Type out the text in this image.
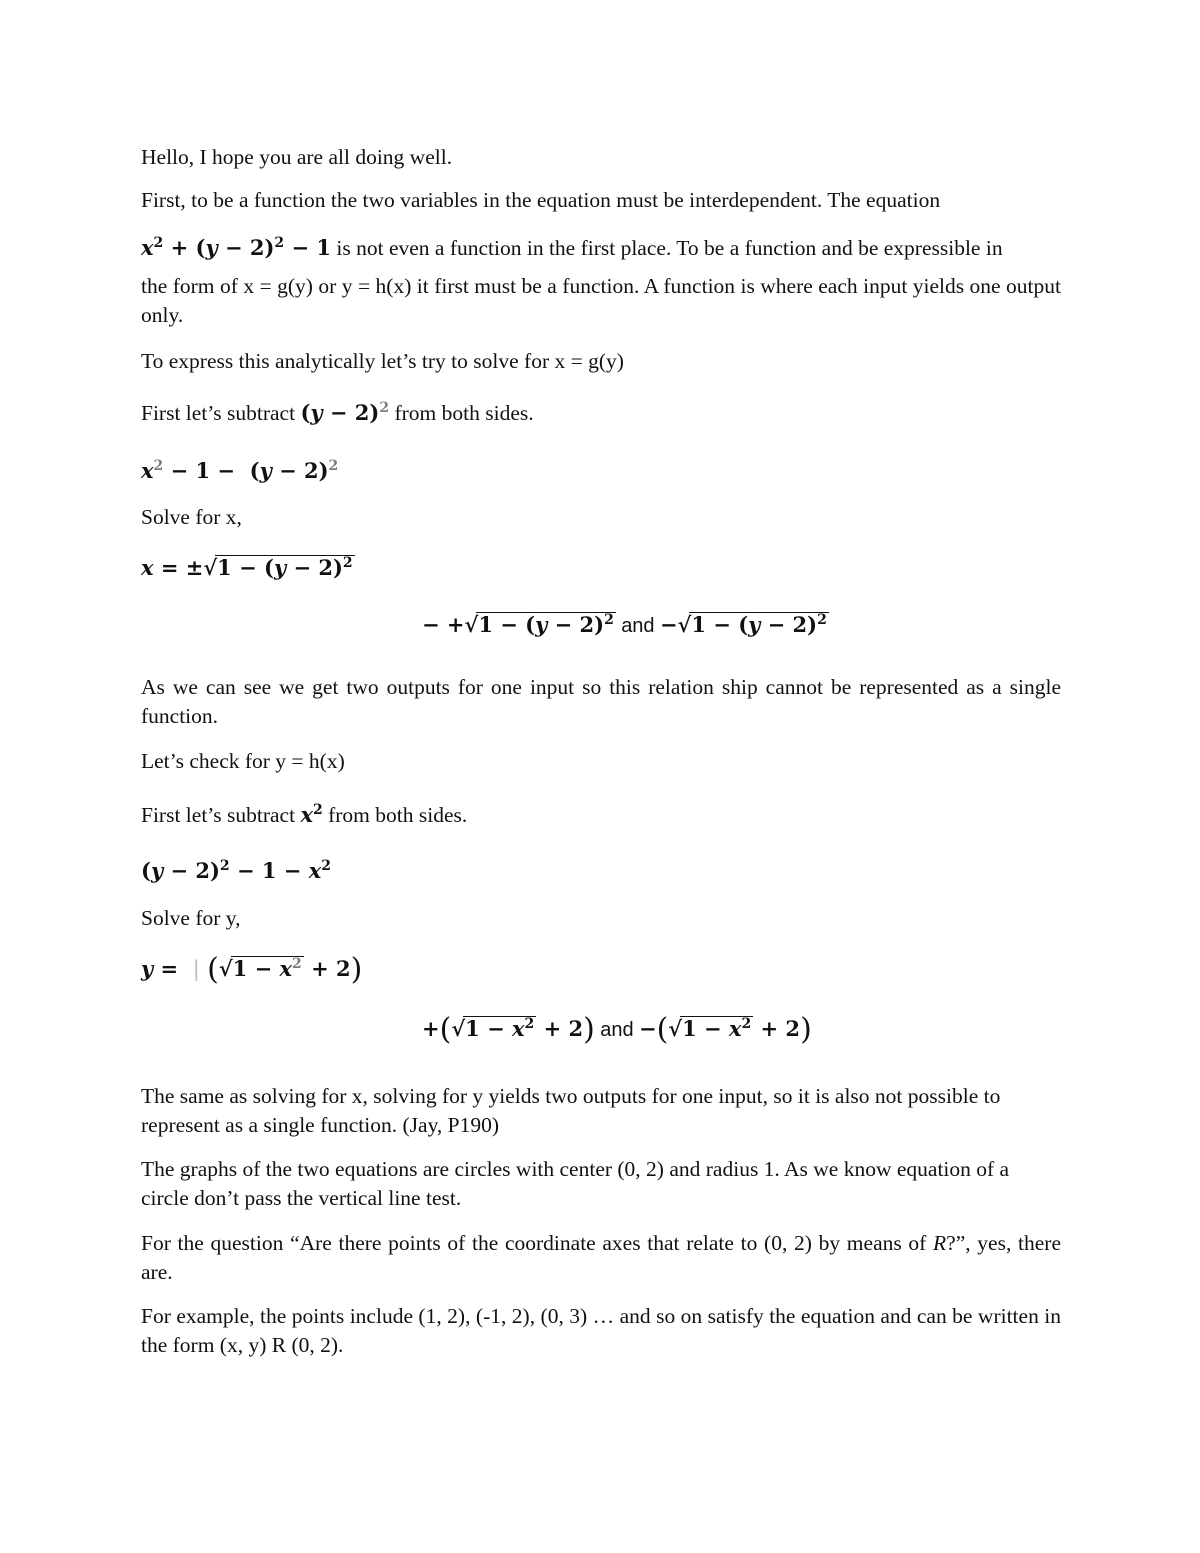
Hello, I hope you are all doing well.
First, to be a function the two variables in the equation must be interdependent. The equation
$x^2 + (y - 2)^2 - 1$ is not even a function in the first place. To be a function and be expressible in
the form of x = g(y) or y = h(x) it first must be a function. A function is where each input yields one output only.
To express this analytically let’s try to solve for x = g(y)
First let’s subtract $(y - 2)^2$ from both sides.
$x^2 - 1 - (y - 2)^2$
Solve for x,
$x = \pm√1 - (y - 2)^2$
− $+√1 - (y - 2)^2$ and $-√1 - (y - 2)^2$
As we can see we get two outputs for one input so this relation ship cannot be represented as a single function.
Let’s check for y = h(x)
First let’s subtract $x^2$ from both sides.
$(y - 2)^2 - 1 - x^2$
Solve for y,
y =  | $(√1 - x^2 + 2)$
$+(√1 - x^2 + 2)$ and $-(√1 - x^2 + 2)$
The same as solving for x, solving for y yields two outputs for one input, so it is also not possible to represent as a single function. (Jay, P190)
The graphs of the two equations are circles with center (0, 2) and radius 1. As we know equation of a circle don’t pass the vertical line test.
For the question “Are there points of the coordinate axes that relate to (0, 2) by means of R?”, yes, there are.
For example, the points include (1, 2), (-1, 2), (0, 3) … and so on satisfy the equation and can be written in the form (x, y) R (0, 2).
